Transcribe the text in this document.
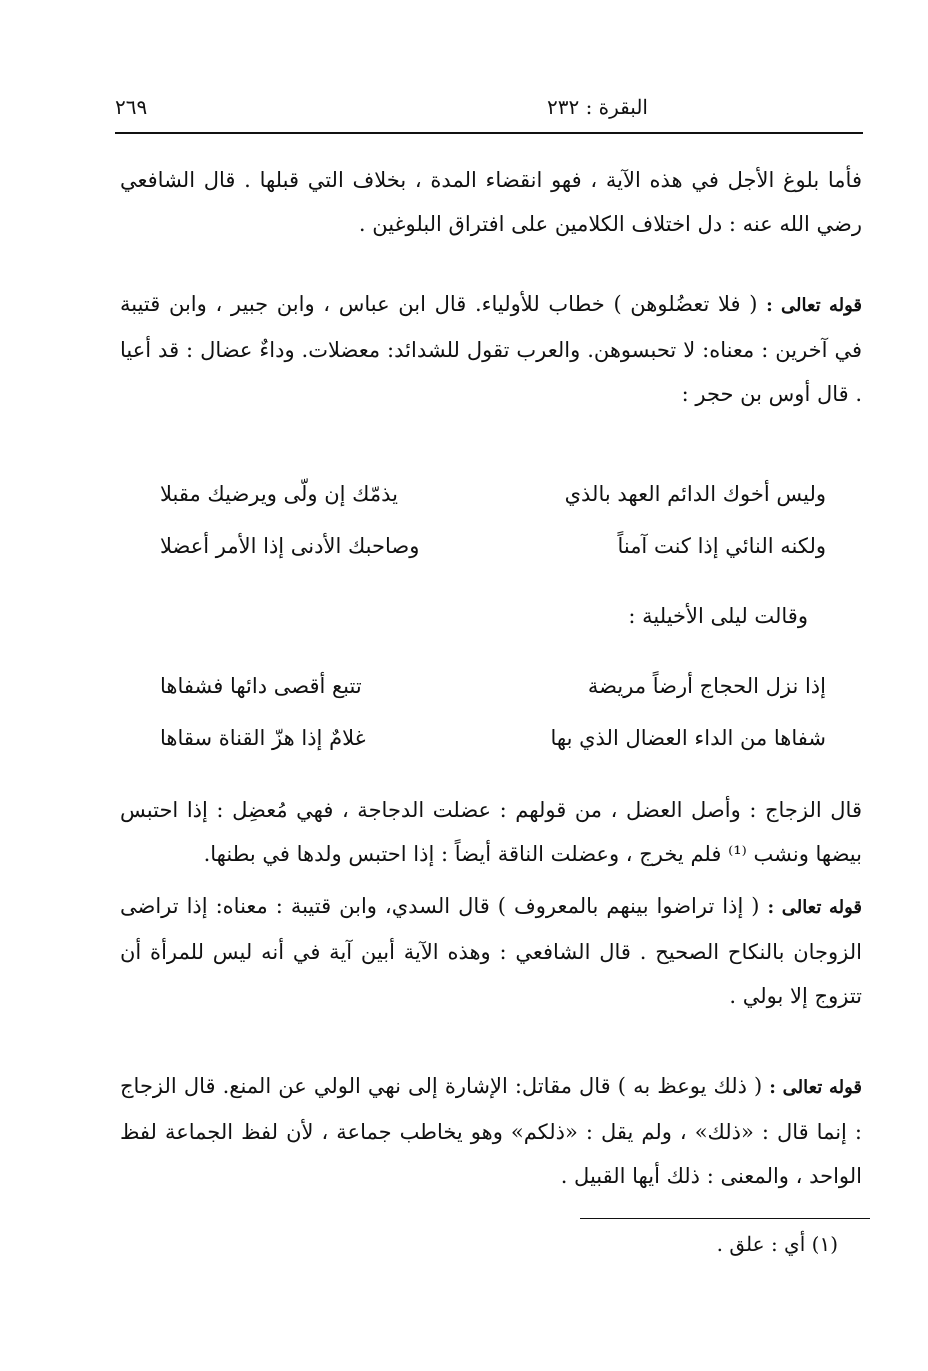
٢٦٩	البقرة : ٢٣٢

فأما بلوغ الأجل في هذه الآية ، فهو انقضاء المدة ، بخلاف التي قبلها . قال الشافعي رضي الله عنه : دل اختلاف الكلامين على افتراق البلوغين .

قوله تعالى : ( فلا تعضُلوهن ) خطاب للأولياء. قال ابن عباس ، وابن جبير ، وابن قتيبة في آخرين : معناه: لا تحبسوهن. والعرب تقول للشدائد: معضلات. وداءٌ عضال : قد أعيا . قال أوس بن حجر :

وليس أخوك الدائم العهد بالذي
يذمّك إن ولّى ويرضيك مقبلا
ولكنه النائي إذا كنت آمناً
وصاحبك الأدنى إذا الأمر أعضلا
وقالت ليلى الأخيلية :
إذا نزل الحجاج أرضاً مريضة
تتبع أقصى دائها فشفاها
شفاها من الداء العضال الذي بها
غلامٌ إذا هزّ القناة سقاها

قال الزجاج : وأصل العضل ، من قولهم : عضلت الدجاجة ، فهي مُعضِل : إذا احتبس بيضها ونشب ⁽¹⁾ فلم يخرج ، وعضلت الناقة أيضاً : إذا احتبس ولدها في بطنها.

قوله تعالى : ( إذا تراضوا بينهم بالمعروف ) قال السدي، وابن قتيبة : معناه: إذا تراضى الزوجان بالنكاح الصحيح . قال الشافعي : وهذه الآية أبين آية في أنه ليس للمرأة أن تتزوج إلا بولي .

قوله تعالى : ( ذلك يوعظ به ) قال مقاتل: الإشارة إلى نهي الولي عن المنع. قال الزجاج : إنما قال : «ذلك» ، ولم يقل : «ذلكم» وهو يخاطب جماعة ، لأن لفظ الجماعة لفظ الواحد ، والمعنى : ذلك أيها القبيل .

(١) أي : علق .
